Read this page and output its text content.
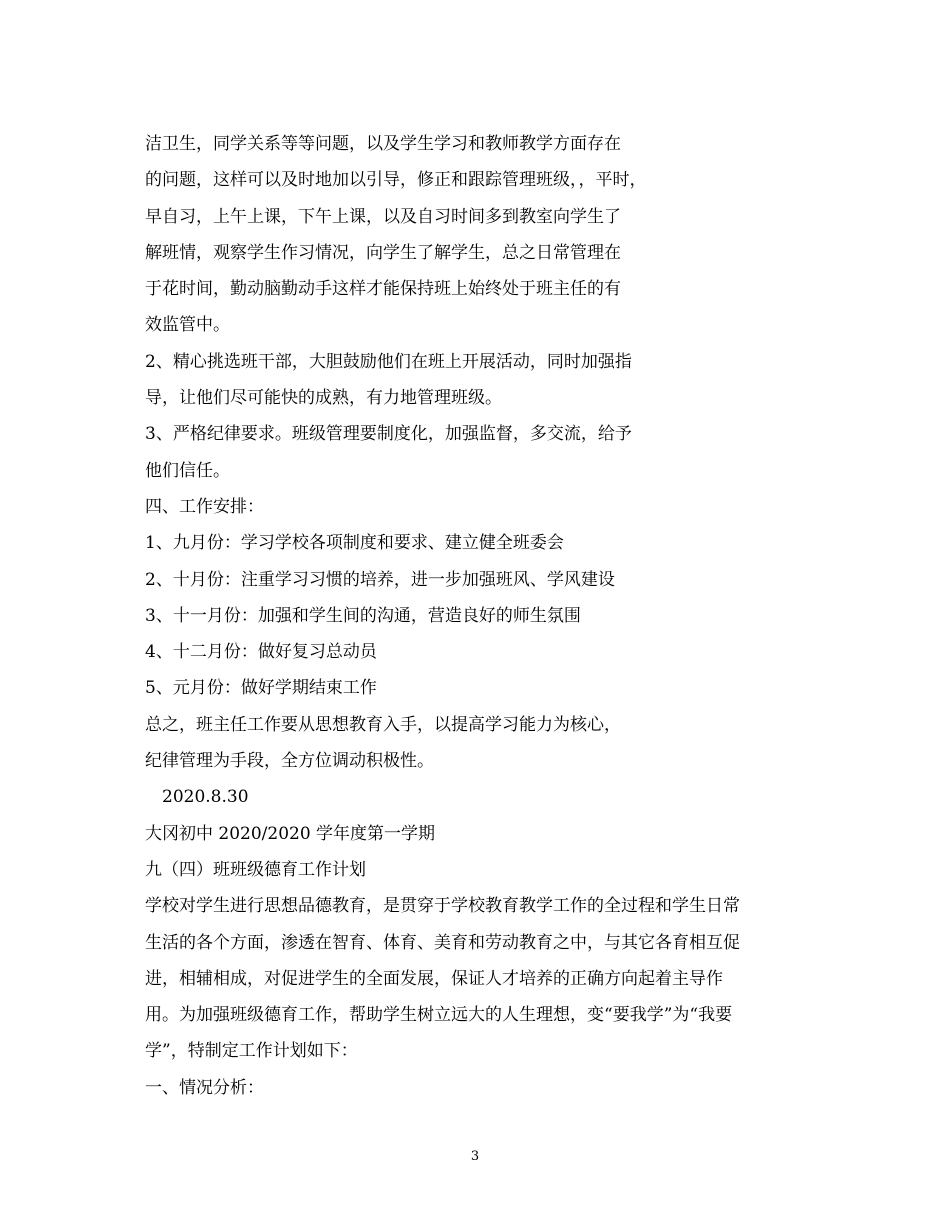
洁卫生，同学关系等等问题，以及学生学习和教师教学方面存在
的问题，这样可以及时地加以引导，修正和跟踪管理班级，，平时，
早自习，上午上课，下午上课，以及自习时间多到教室向学生了
解班情，观察学生作习情况，向学生了解学生，总之日常管理在
于花时间，勤动脑勤动手这样才能保持班上始终处于班主任的有
效监管中。
2、精心挑选班干部，大胆鼓励他们在班上开展活动，同时加强指
导，让他们尽可能快的成熟，有力地管理班级。
3、严格纪律要求。班级管理要制度化，加强监督，多交流，给予
他们信任。
四、工作安排：
1、九月份：学习学校各项制度和要求、建立健全班委会
2、十月份：注重学习习惯的培养，进一步加强班风、学风建设
3、十一月份：加强和学生间的沟通，营造良好的师生氛围
4、十二月份：做好复习总动员
5、元月份：做好学期结束工作
总之，班主任工作要从思想教育入手，以提高学习能力为核心，
纪律管理为手段，全方位调动积极性。
2020.8.30
大冈初中 2020/2020 学年度第一学期
九（四）班班级德育工作计划
学校对学生进行思想品德教育，是贯穿于学校教育教学工作的全过程和学生日常
生活的各个方面，渗透在智育、体育、美育和劳动教育之中，与其它各育相互促
进，相辅相成，对促进学生的全面发展，保证人才培养的正确方向起着主导作
用。为加强班级德育工作，帮助学生树立远大的人生理想，变“要我学”为“我要
学”，特制定工作计划如下：
一、情况分析：
3
